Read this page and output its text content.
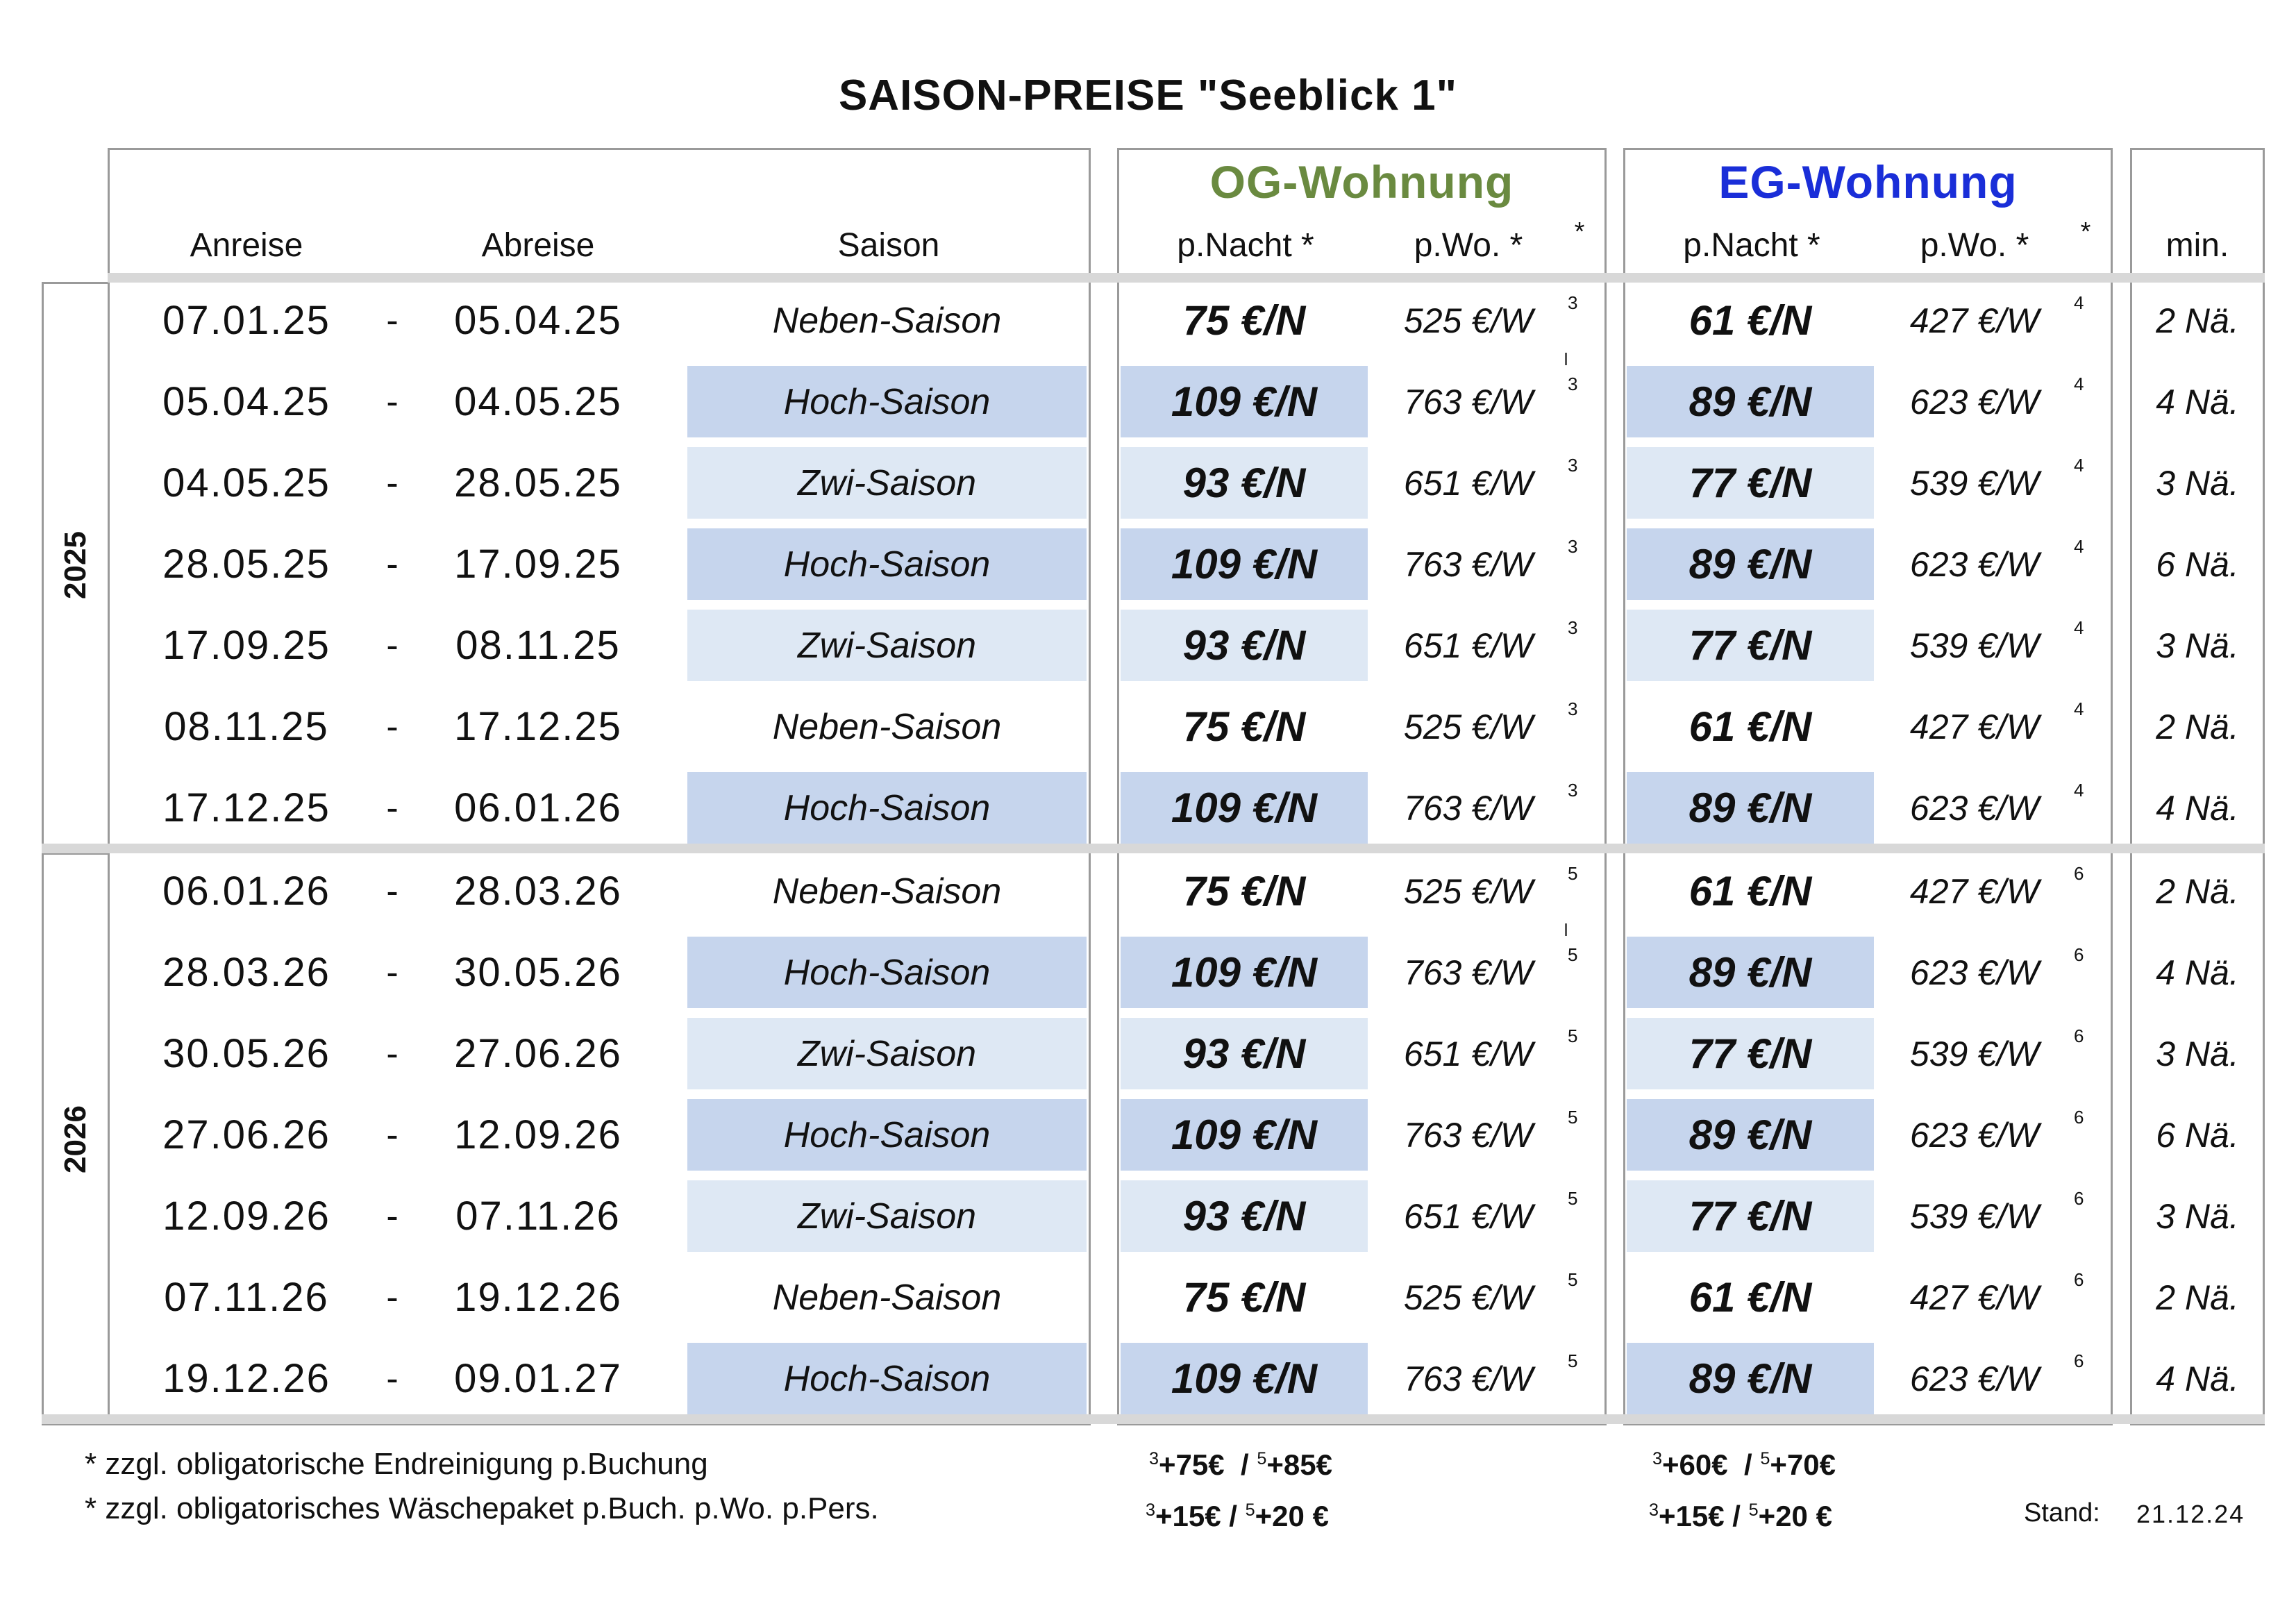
SAISON-PREISE "Seeblick 1"
OG-Wohnung	EG-Wohnung
Anreise	Abreise	Saison	p.Nacht *	p.Wo. *	*	p.Nacht *	p.Wo. *	*	min.
2025
2026
07.01.25	-	05.04.25	Neben-Saison	75 €/N	525 €/W	3	61 €/N	427 €/W	4	2 Nä.
05.04.25	-	04.05.25	Hoch-Saison	109 €/N	763 €/W	3	89 €/N	623 €/W	4	4 Nä.
04.05.25	-	28.05.25	Zwi-Saison	93 €/N	651 €/W	3	77 €/N	539 €/W	4	3 Nä.
28.05.25	-	17.09.25	Hoch-Saison	109 €/N	763 €/W	3	89 €/N	623 €/W	4	6 Nä.
17.09.25	-	08.11.25	Zwi-Saison	93 €/N	651 €/W	3	77 €/N	539 €/W	4	3 Nä.
08.11.25	-	17.12.25	Neben-Saison	75 €/N	525 €/W	3	61 €/N	427 €/W	4	2 Nä.
17.12.25	-	06.01.26	Hoch-Saison	109 €/N	763 €/W	3	89 €/N	623 €/W	4	4 Nä.
06.01.26	-	28.03.26	Neben-Saison	75 €/N	525 €/W	5	61 €/N	427 €/W	6	2 Nä.
28.03.26	-	30.05.26	Hoch-Saison	109 €/N	763 €/W	5	89 €/N	623 €/W	6	4 Nä.
30.05.26	-	27.06.26	Zwi-Saison	93 €/N	651 €/W	5	77 €/N	539 €/W	6	3 Nä.
27.06.26	-	12.09.26	Hoch-Saison	109 €/N	763 €/W	5	89 €/N	623 €/W	6	6 Nä.
12.09.26	-	07.11.26	Zwi-Saison	93 €/N	651 €/W	5	77 €/N	539 €/W	6	3 Nä.
07.11.26	-	19.12.26	Neben-Saison	75 €/N	525 €/W	5	61 €/N	427 €/W	6	2 Nä.
19.12.26	-	09.01.27	Hoch-Saison	109 €/N	763 €/W	5	89 €/N	623 €/W	6	4 Nä.
* zzgl. obligatorische Endreinigung p.Buchung
* zzgl. obligatorisches Wäschepaket p.Buch. p.Wo. p.Pers.
$^3$+75€ / $^5$+85€
$^3$+15€ / $^5$+20 €
$^3$+60€ / $^5$+70€
$^3$+15€ / $^5$+20 €	Stand: 21.12.24
